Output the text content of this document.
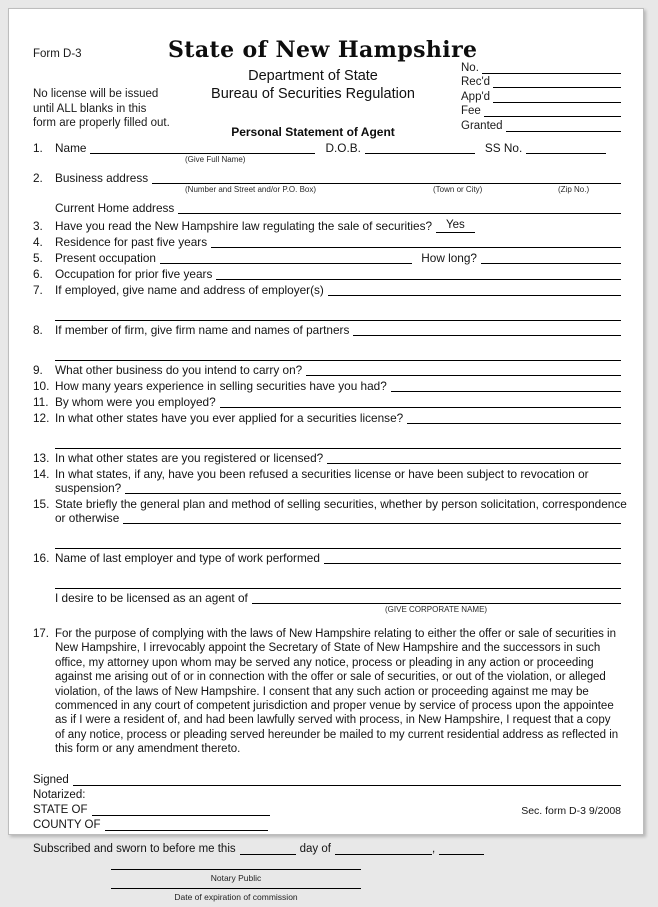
Form D-3
No license will be issued
until ALL blanks in this
form are properly filled out.
State of New Hampshire
Department of State
Bureau of Securities Regulation
Personal Statement of Agent
No.
Rec'd
App'd
Fee
Granted
1.	Name	D.O.B.	SS No.
(Give Full Name)
2.	Business address
(Number and Street and/or P.O. Box)	(Town or City)	(Zip No.)
Current Home address
3.	Have you read the New Hampshire law regulating the sale of securities?	Yes
4.	Residence for past five years
5.	Present occupation	How long?
6.	Occupation for prior five years
7.	If employed, give name and address of employer(s)
8.	If member of firm, give firm name and names of partners
9.	What other business do you intend to carry on?
10. How many years experience in selling securities have you had?
11. By whom were you employed?
12. In what other states have you ever applied for a securities license?
13. In what other states are you registered or licensed?
14. In what states, if any, have you been refused a securities license or have been subject to revocation or
suspension?
15. State briefly the general plan and method of selling securities, whether by person solicitation, correspondence
or otherwise
16. Name of last employer and type of work performed
I desire to be licensed as an agent of
(GIVE CORPORATE NAME)
17. For the purpose of complying with the laws of New Hampshire relating to either the offer or sale of securities in New Hampshire, I irrevocably appoint the Secretary of State of New Hampshire and the successors in such office, my attorney upon whom may be served any notice, process or pleading in any action or proceeding against me arising out of or in connection with the offer or sale of securities, or out of the violation, or alleged violation, of the laws of New Hampshire. I consent that any such action or proceeding against me may be commenced in any court of competent jurisdiction and proper venue by service of process upon the appointee as if I were a resident of, and had been lawfully served with process, in New Hampshire, I request that a copy of any notice, process or pleading served hereunder be mailed to my current residential address as reflected in this form or any amendment thereto.
Signed
Notarized:
STATE OF
COUNTY OF
Subscribed and sworn to before me this	day of	,
Notary Public
Date of expiration of commission
Sec. form D-3 9/2008
